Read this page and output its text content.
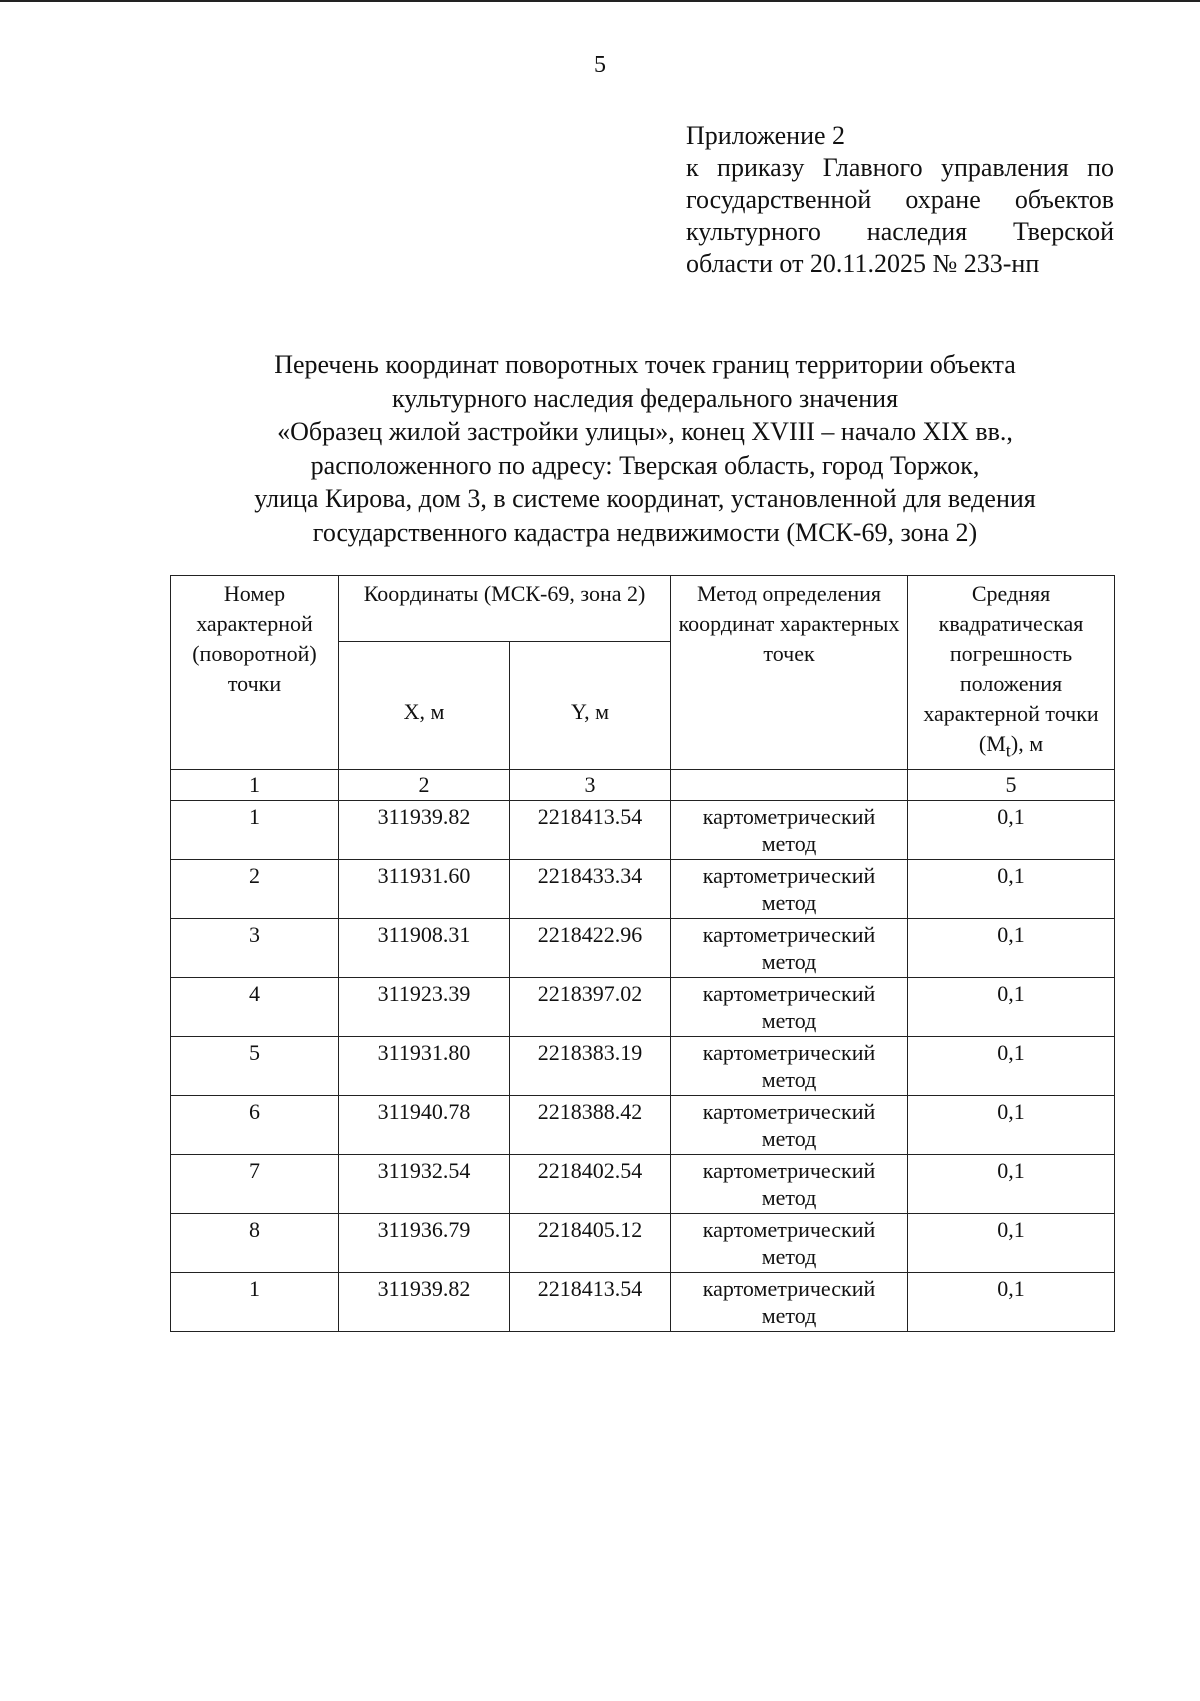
5
Приложение 2
к приказу Главного управления по государственной охране объектов культурного наследия Тверской области от 20.11.2025 № 233-нп
Перечень координат поворотных точек границ территории объекта
культурного наследия федерального значения
«Образец жилой застройки улицы», конец XVIII – начало XIX вв.,
расположенного по адресу: Тверская область, город Торжок,
улица Кирова, дом 3, в системе координат, установленной для ведения
государственного кадастра недвижимости (МСК-69, зона 2)
Номер характерной (поворотной) точки	Координаты (МСК-69, зона 2)		Метод определения координат характерных точек	Средняя квадратическая погрешность положения характерной точки $(M_t)$, м
	X, м	Y, м		
1	2	3		5
1	311939.82	2218413.54	картометрический метод	0,1
2	311931.60	2218433.34	картометрический метод	0,1
3	311908.31	2218422.96	картометрический метод	0,1
4	311923.39	2218397.02	картометрический метод	0,1
5	311931.80	2218383.19	картометрический метод	0,1
6	311940.78	2218388.42	картометрический метод	0,1
7	311932.54	2218402.54	картометрический метод	0,1
8	311936.79	2218405.12	картометрический метод	0,1
1	311939.82	2218413.54	картометрический метод	0,1
